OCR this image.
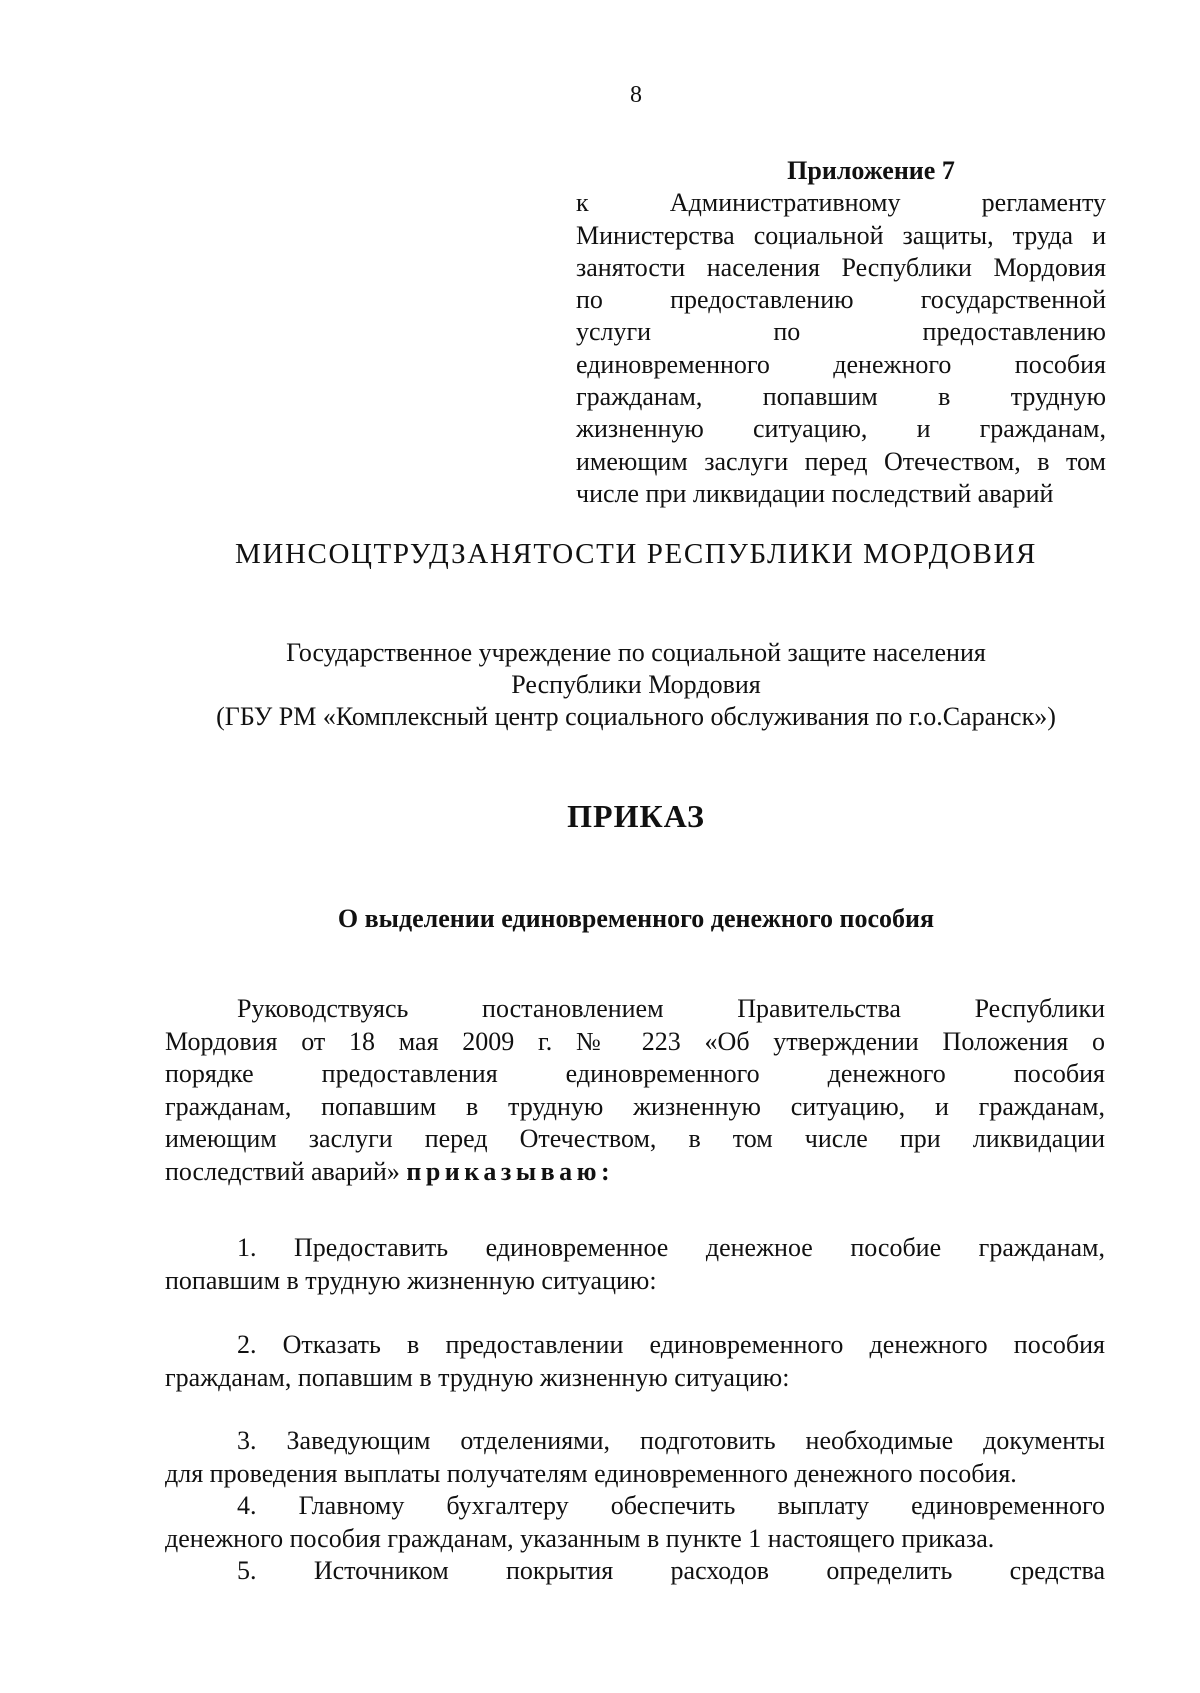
8
Приложение 7
к Административному регламенту
Министерства социальной защиты, труда и
занятости населения Республики Мордовия
по предоставлению государственной
услуги по предоставлению
единовременного денежного пособия
гражданам, попавшим в трудную
жизненную ситуацию, и гражданам,
имеющим заслуги перед Отечеством, в том
числе при ликвидации последствий аварий
МИНСОЦТРУДЗАНЯТОСТИ РЕСПУБЛИКИ МОРДОВИЯ
Государственное учреждение по социальной защите населения
Республики Мордовия
(ГБУ РМ «Комплексный центр социального обслуживания по г.о.Саранск»)
ПРИКАЗ
О выделении единовременного денежного пособия
Руководствуясь постановлением Правительства Республики
Мордовия от 18 мая 2009 г. № 223 «Об утверждении Положения о
порядке предоставления единовременного денежного пособия
гражданам, попавшим в трудную жизненную ситуацию, и гражданам,
имеющим заслуги перед Отечеством, в том числе при ликвидации
последствий аварий» приказываю:
1. Предоставить единовременное денежное пособие гражданам,
попавшим в трудную жизненную ситуацию:
2. Отказать в предоставлении единовременного денежного пособия
гражданам, попавшим в трудную жизненную ситуацию:
3. Заведующим отделениями, подготовить необходимые документы
для проведения выплаты получателям единовременного денежного пособия.
4. Главному бухгалтеру обеспечить выплату единовременного
денежного пособия гражданам, указанным в пункте 1 настоящего приказа.
5. Источником покрытия расходов определить средства
